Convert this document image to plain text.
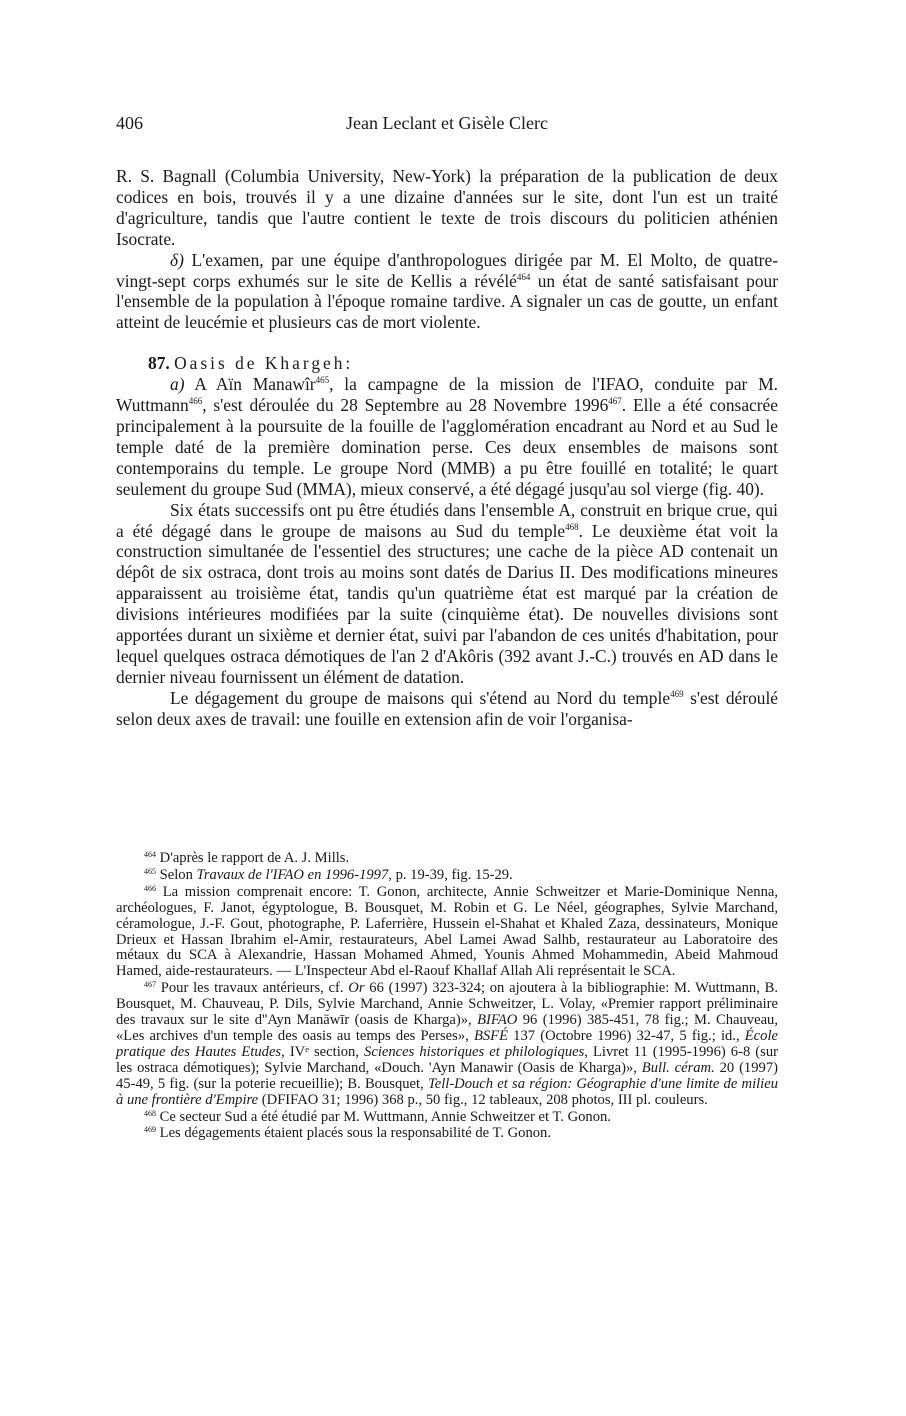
406	Jean Leclant et Gisèle Clerc

R. S. Bagnall (Columbia University, New-York) la préparation de la publication de deux codices en bois, trouvés il y a une dizaine d'années sur le site, dont l'un est un traité d'agriculture, tandis que l'autre contient le texte de trois discours du politicien athénien Isocrate.

δ) L'examen, par une équipe d'anthropologues dirigée par M. El Molto, de quatre-vingt-sept corps exhumés sur le site de Kellis a révélé$^{464}$ un état de santé satisfaisant pour l'ensemble de la population à l'époque romaine tardive. A signaler un cas de goutte, un enfant atteint de leucémie et plusieurs cas de mort violente.

87. Oasis de Khargeh:

a) A Aïn Manawîr$^{465}$, la campagne de la mission de l'IFAO, conduite par M. Wuttmann$^{466}$, s'est déroulée du 28 Septembre au 28 Novembre 1996$^{467}$. Elle a été consacrée principalement à la poursuite de la fouille de l'agglomération encadrant au Nord et au Sud le temple daté de la première domination perse. Ces deux ensembles de maisons sont contemporains du temple. Le groupe Nord (MMB) a pu être fouillé en totalité; le quart seulement du groupe Sud (MMA), mieux conservé, a été dégagé jusqu'au sol vierge (fig. 40).

Six états successifs ont pu être étudiés dans l'ensemble A, construit en brique crue, qui a été dégagé dans le groupe de maisons au Sud du temple$^{468}$. Le deuxième état voit la construction simultanée de l'essentiel des structures; une cache de la pièce AD contenait un dépôt de six ostraca, dont trois au moins sont datés de Darius II. Des modifications mineures apparaissent au troisième état, tandis qu'un quatrième état est marqué par la création de divisions intérieures modifiées par la suite (cinquième état). De nouvelles divisions sont apportées durant un sixième et dernier état, suivi par l'abandon de ces unités d'habitation, pour lequel quelques ostraca démotiques de l'an 2 d'Akôris (392 avant J.-C.) trouvés en AD dans le dernier niveau fournissent un élément de datation.

Le dégagement du groupe de maisons qui s'étend au Nord du temple$^{469}$ s'est déroulé selon deux axes de travail: une fouille en extension afin de voir l'organisa-

$^{464}$ D'après le rapport de A. J. Mills.

$^{465}$ Selon Travaux de l'IFAO en 1996-1997, p. 19-39, fig. 15-29.

$^{466}$ La mission comprenait encore: T. Gonon, architecte, Annie Schweitzer et Marie-Dominique Nenna, archéologues, F. Janot, égyptologue, B. Bousquet, M. Robin et G. Le Néel, géographes, Sylvie Marchand, céramologue, J.-F. Gout, photographe, P. Laferrière, Hussein el-Shahat et Khaled Zaza, dessinateurs, Monique Drieux et Hassan Ibrahim el-Amir, restaurateurs, Abel Lamei Awad Salhb, restaurateur au Laboratoire des métaux du SCA à Alexandrie, Hassan Mohamed Ahmed, Younis Ahmed Mohammedin, Abeid Mahmoud Hamed, aide-restaurateurs. — L'Inspecteur Abd el-Raouf Khallaf Allah Ali représentait le SCA.

$^{467}$ Pour les travaux antérieurs, cf. Or 66 (1997) 323-324; on ajoutera à la bibliographie: M. Wuttmann, B. Bousquet, M. Chauveau, P. Dils, Sylvie Marchand, Annie Schweitzer, L. Volay, «Premier rapport préliminaire des travaux sur le site d''Ayn Manāwīr (oasis de Kharga)», BIFAO 96 (1996) 385-451, 78 fig.; M. Chauveau, «Les archives d'un temple des oasis au temps des Perses», BSFÉ 137 (Octobre 1996) 32-47, 5 fig.; id., École pratique des Hautes Etudes, IVᵉ section, Sciences historiques et philologiques, Livret 11 (1995-1996) 6-8 (sur les ostraca démotiques); Sylvie Marchand, «Douch. 'Ayn Manawir (Oasis de Kharga)», Bull. céram. 20 (1997) 45-49, 5 fig. (sur la poterie recueillie); B. Bousquet, Tell-Douch et sa région: Géographie d'une limite de milieu à une frontière d'Empire (DFIFAO 31; 1996) 368 p., 50 fig., 12 tableaux, 208 photos, III pl. couleurs.

$^{468}$ Ce secteur Sud a été étudié par M. Wuttmann, Annie Schweitzer et T. Gonon.

$^{469}$ Les dégagements étaient placés sous la responsabilité de T. Gonon.
